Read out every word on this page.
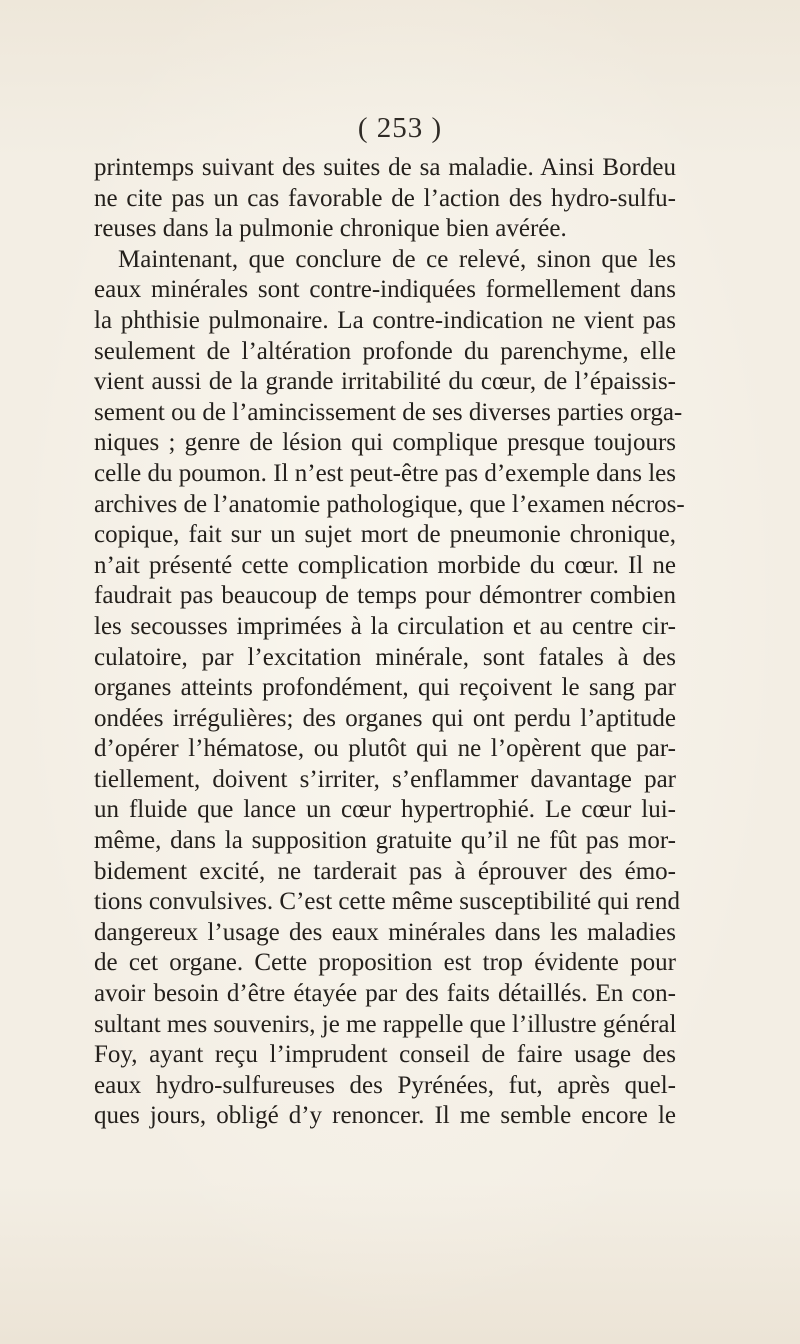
( 253 )

printemps suivant des suites de sa maladie. Ainsi Bordeu
ne cite pas un cas favorable de l’action des hydro-sulfu-
reuses dans la pulmonie chronique bien avérée.

Maintenant, que conclure de ce relevé, sinon que les
eaux minérales sont contre-indiquées formellement dans
la phthisie pulmonaire. La contre-indication ne vient pas
seulement de l’altération profonde du parenchyme, elle
vient aussi de la grande irritabilité du cœur, de l’épaissis-
sement ou de l’amincissement de ses diverses parties orga-
niques ; genre de lésion qui complique presque toujours
celle du poumon. Il n’est peut-être pas d’exemple dans les
archives de l’anatomie pathologique, que l’examen nécros-
copique, fait sur un sujet mort de pneumonie chronique,
n’ait présenté cette complication morbide du cœur. Il ne
faudrait pas beaucoup de temps pour démontrer combien
les secousses imprimées à la circulation et au centre cir-
culatoire, par l’excitation minérale, sont fatales à des
organes atteints profondément, qui reçoivent le sang par
ondées irrégulières; des organes qui ont perdu l’aptitude
d’opérer l’hématose, ou plutôt qui ne l’opèrent que par-
tiellement, doivent s’irriter, s’enflammer davantage par
un fluide que lance un cœur hypertrophié. Le cœur lui-
même, dans la supposition gratuite qu’il ne fût pas mor-
bidement excité, ne tarderait pas à éprouver des émo-
tions convulsives. C’est cette même susceptibilité qui rend
dangereux l’usage des eaux minérales dans les maladies
de cet organe. Cette proposition est trop évidente pour
avoir besoin d’être étayée par des faits détaillés. En con-
sultant mes souvenirs, je me rappelle que l’illustre général
Foy, ayant reçu l’imprudent conseil de faire usage des
eaux hydro-sulfureuses des Pyrénées, fut, après quel-
ques jours, obligé d’y renoncer. Il me semble encore le
